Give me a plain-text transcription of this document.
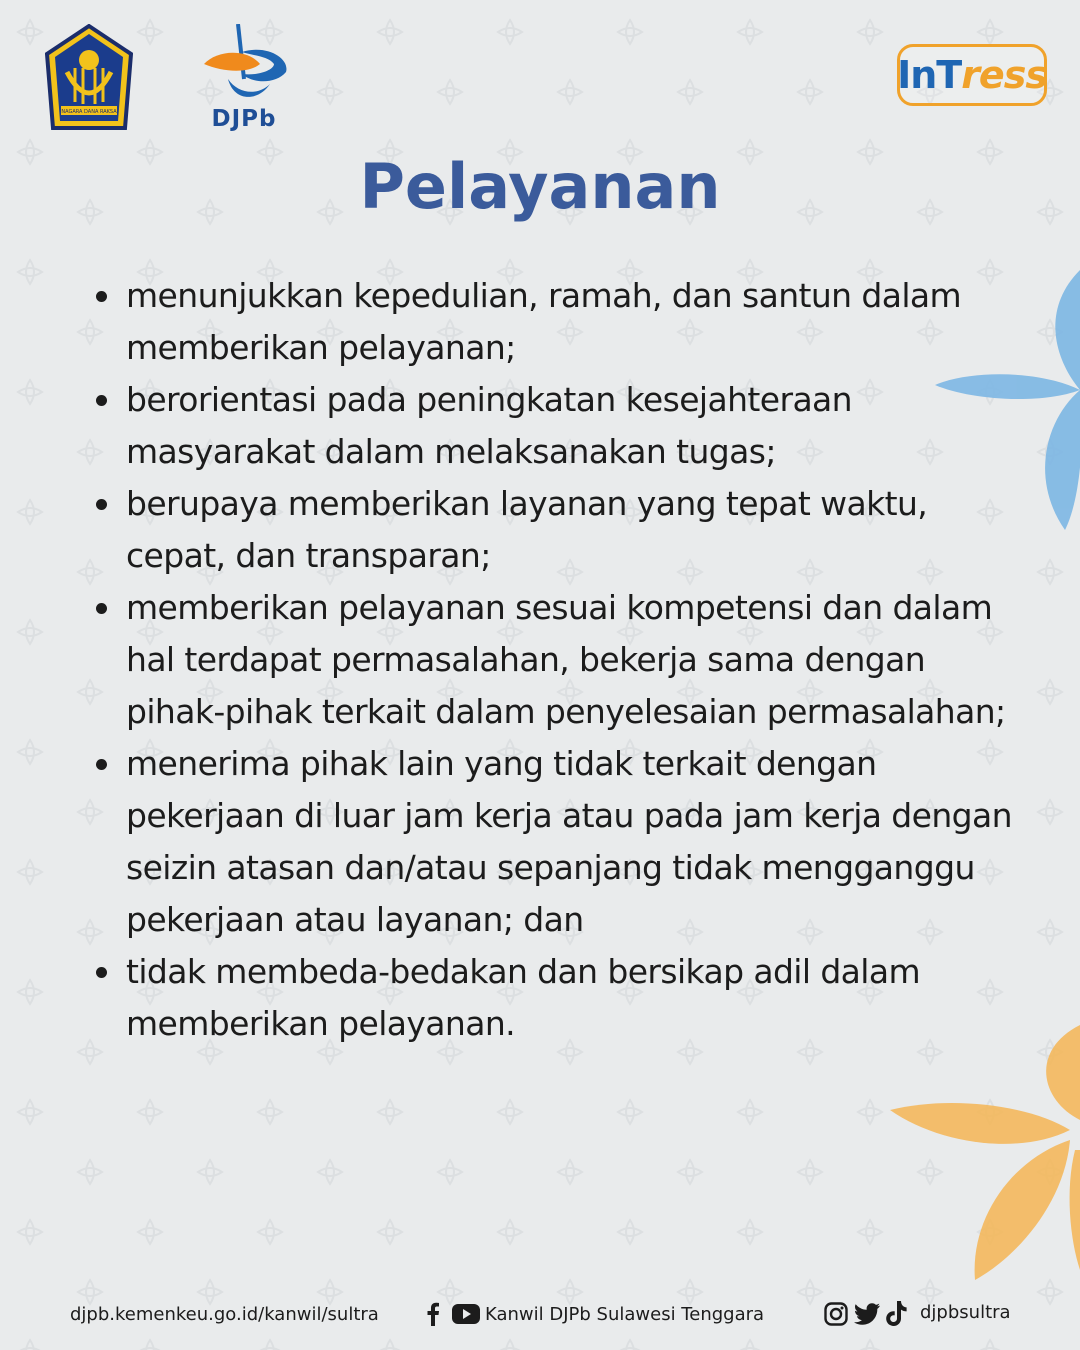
NAGARA DANA RAKSA	DJPb
InT ress
Pelayanan
menunjukkan kepedulian, ramah, dan santun dalam memberikan pelayanan;
berorientasi pada peningkatan kesejahteraan masyarakat dalam melaksanakan tugas;
berupaya memberikan layanan yang tepat waktu, cepat, dan transparan;
memberikan pelayanan sesuai kompetensi dan dalam hal terdapat permasalahan, bekerja sama dengan pihak-pihak terkait dalam penyelesaian permasalahan;
menerima pihak lain yang tidak terkait dengan pekerjaan di luar jam kerja atau pada jam kerja dengan seizin atasan dan/atau sepanjang tidak mengganggu pekerjaan atau layanan; dan
tidak membeda-bedakan dan bersikap adil dalam memberikan pelayanan.
djpb.kemenkeu.go.id/kanwil/sultra	Kanwil DJPb Sulawesi Tenggara	djpbsultra
